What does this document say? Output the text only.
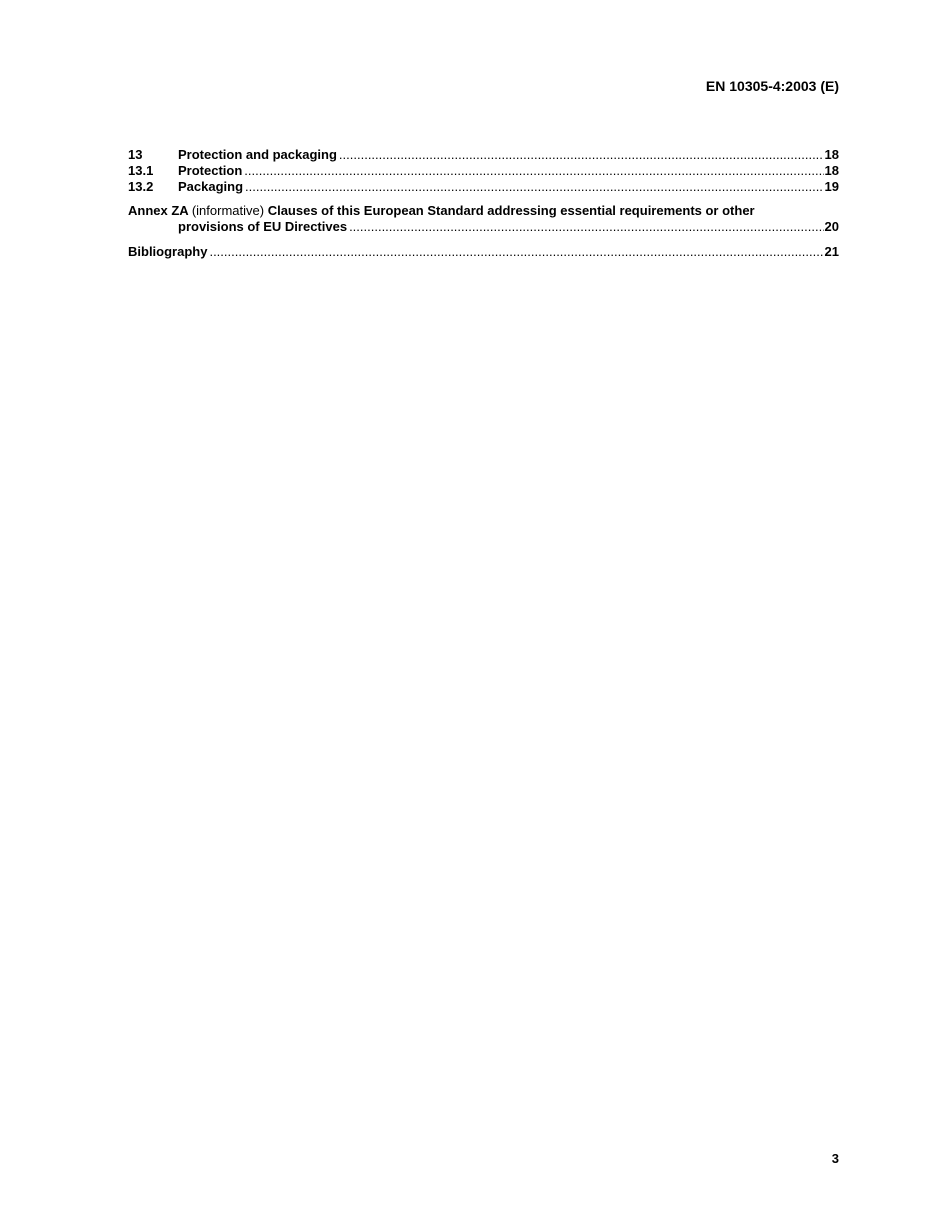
EN 10305-4:2003 (E)
13	Protection and packaging .....	18
13.1	Protection .....	18
13.2	Packaging .....	19
Annex ZA (informative) Clauses of this European Standard addressing essential requirements or other
provisions of EU Directives .....	20
Bibliography .....	21
3
